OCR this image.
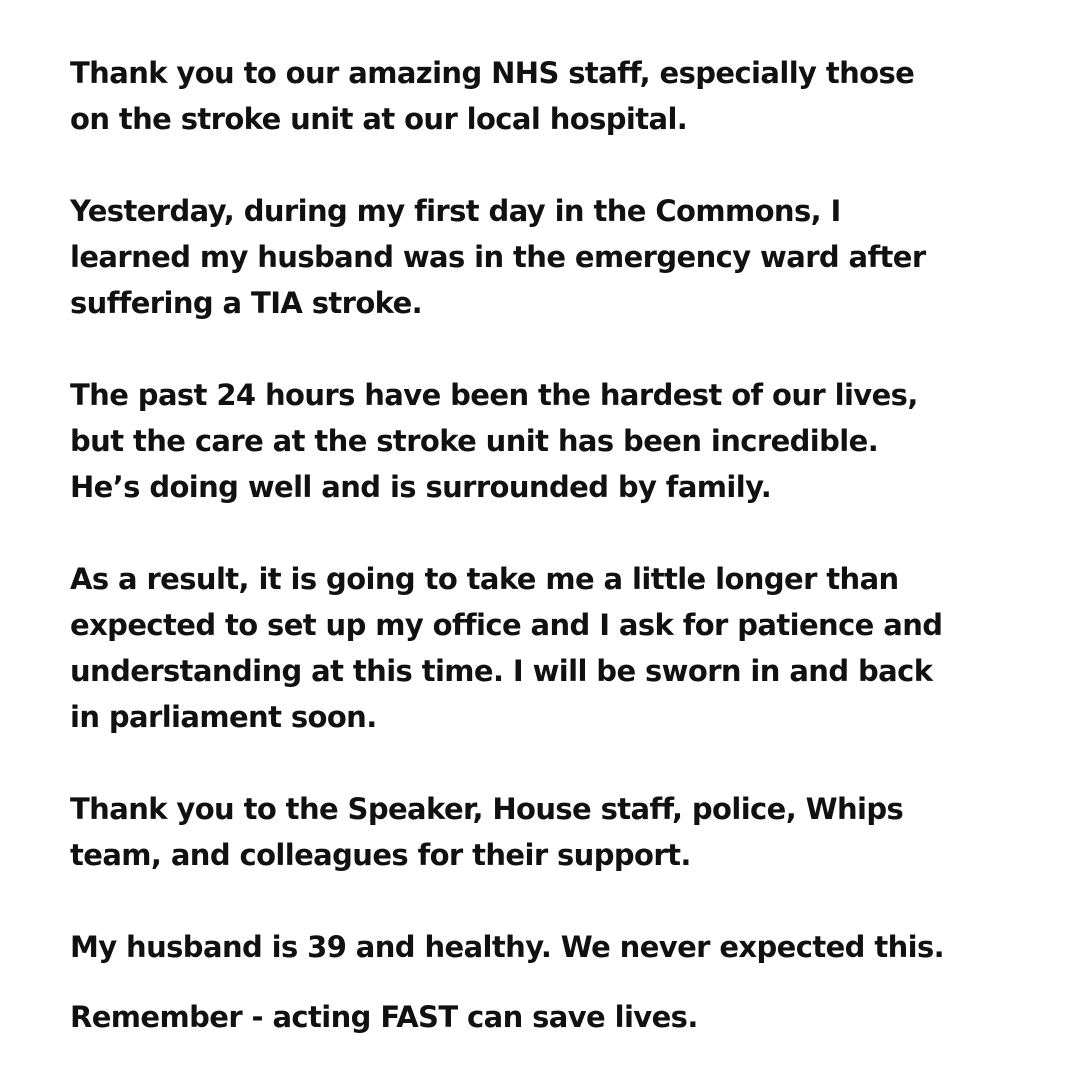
Thank you to our amazing NHS staff, especially those
on the stroke unit at our local hospital.

Yesterday, during my first day in the Commons, I
learned my husband was in the emergency ward after
suffering a TIA stroke.

The past 24 hours have been the hardest of our lives,
but the care at the stroke unit has been incredible.
He’s doing well and is surrounded by family.

As a result, it is going to take me a little longer than
expected to set up my office and I ask for patience and
understanding at this time. I will be sworn in and back
in parliament soon.

Thank you to the Speaker, House staff, police, Whips
team, and colleagues for their support.

My husband is 39 and healthy. We never expected this.

Remember - acting FAST can save lives.
